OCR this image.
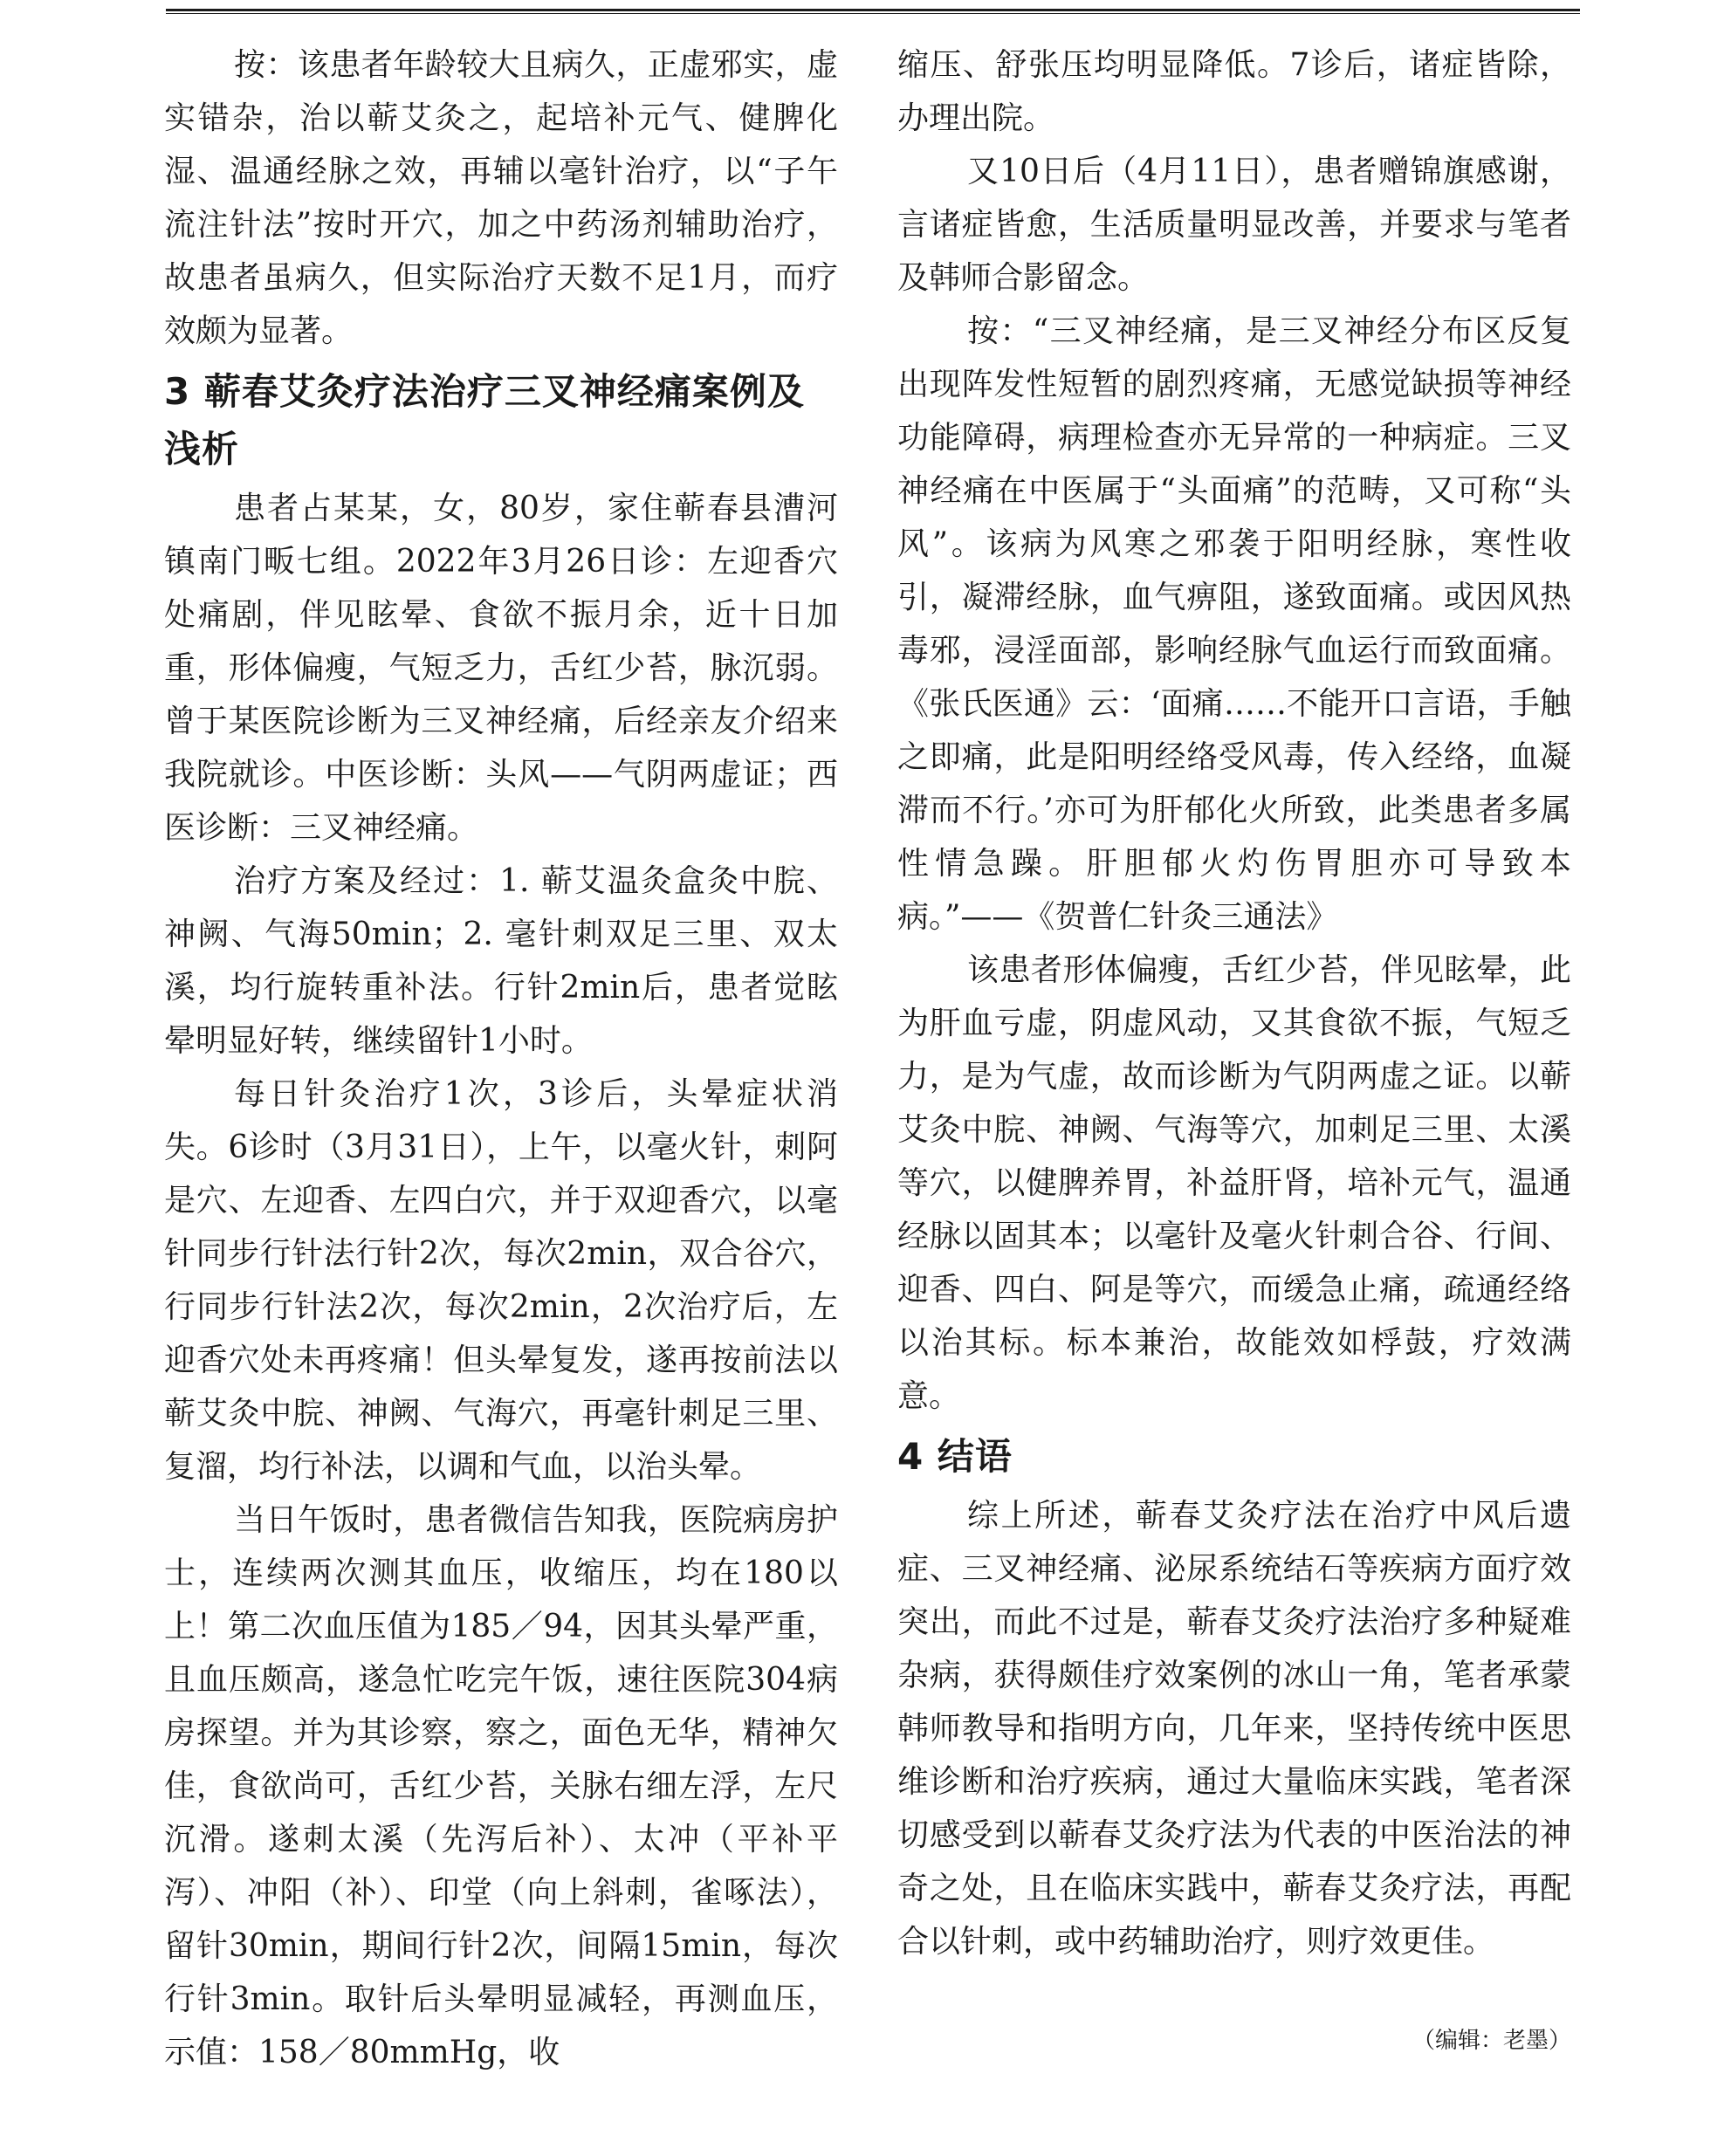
按：该患者年龄较大且病久，正虚邪实，虚实错杂，治以蕲艾灸之，起培补元气、健脾化湿、温通经脉之效，再辅以毫针治疗，以“子午流注针法”按时开穴，加之中药汤剂辅助治疗，故患者虽病久，但实际治疗天数不足1月，而疗效颇为显著。

3 蕲春艾灸疗法治疗三叉神经痛案例及浅析

患者占某某，女，80岁，家住蕲春县漕河镇南门畈七组。2022年3月26日诊：左迎香穴处痛剧，伴见眩晕、食欲不振月余，近十日加重，形体偏瘦，气短乏力，舌红少苔，脉沉弱。曾于某医院诊断为三叉神经痛，后经亲友介绍来我院就诊。中医诊断：头风——气阴两虚证；西医诊断：三叉神经痛。

治疗方案及经过：1. 蕲艾温灸盒灸中脘、神阙、气海50min；2. 毫针刺双足三里、双太溪，均行旋转重补法。行针2min后，患者觉眩晕明显好转，继续留针1小时。

每日针灸治疗1次，3诊后，头晕症状消失。6诊时（3月31日），上午，以毫火针，刺阿是穴、左迎香、左四白穴，并于双迎香穴，以毫针同步行针法行针2次，每次2min，双合谷穴，行同步行针法2次，每次2min，2次治疗后，左迎香穴处未再疼痛！但头晕复发，遂再按前法以蕲艾灸中脘、神阙、气海穴，再毫针刺足三里、复溜，均行补法，以调和气血，以治头晕。

当日午饭时，患者微信告知我，医院病房护士，连续两次测其血压，收缩压，均在180以上！第二次血压值为185／94，因其头晕严重，且血压颇高，遂急忙吃完午饭，速往医院304病房探望。并为其诊察，察之，面色无华，精神欠佳，食欲尚可，舌红少苔，关脉右细左浮，左尺沉滑。遂刺太溪（先泻后补）、太冲（平补平泻）、冲阳（补）、印堂（向上斜刺，雀啄法），留针30min，期间行针2次，间隔15min，每次行针3min。取针后头晕明显减轻，再测血压，示值：158／80mmHg，收

缩压、舒张压均明显降低。7诊后，诸症皆除，办理出院。

又10日后（4月11日），患者赠锦旗感谢，言诸症皆愈，生活质量明显改善，并要求与笔者及韩师合影留念。

按：“三叉神经痛，是三叉神经分布区反复出现阵发性短暂的剧烈疼痛，无感觉缺损等神经功能障碍，病理检查亦无异常的一种病症。三叉神经痛在中医属于“头面痛”的范畴，又可称“头风”。该病为风寒之邪袭于阳明经脉，寒性收引，凝滞经脉，血气痹阻，遂致面痛。或因风热毒邪，浸淫面部，影响经脉气血运行而致面痛。《张氏医通》云：‘面痛……不能开口言语，手触之即痛，此是阳明经络受风毒，传入经络，血凝滞而不行。’亦可为肝郁化火所致，此类患者多属性情急躁。肝胆郁火灼伤胃胆亦可导致本病。”——《贺普仁针灸三通法》

该患者形体偏瘦，舌红少苔，伴见眩晕，此为肝血亏虚，阴虚风动，又其食欲不振，气短乏力，是为气虚，故而诊断为气阴两虚之证。以蕲艾灸中脘、神阙、气海等穴，加刺足三里、太溪等穴，以健脾养胃，补益肝肾，培补元气，温通经脉以固其本；以毫针及毫火针刺合谷、行间、迎香、四白、阿是等穴，而缓急止痛，疏通经络以治其标。标本兼治，故能效如桴鼓，疗效满意。

4 结语

综上所述，蕲春艾灸疗法在治疗中风后遗症、三叉神经痛、泌尿系统结石等疾病方面疗效突出，而此不过是，蕲春艾灸疗法治疗多种疑难杂病，获得颇佳疗效案例的冰山一角，笔者承蒙韩师教导和指明方向，几年来，坚持传统中医思维诊断和治疗疾病，通过大量临床实践，笔者深切感受到以蕲春艾灸疗法为代表的中医治法的神奇之处，且在临床实践中，蕲春艾灸疗法，再配合以针刺，或中药辅助治疗，则疗效更佳。

（编辑：老墨）
